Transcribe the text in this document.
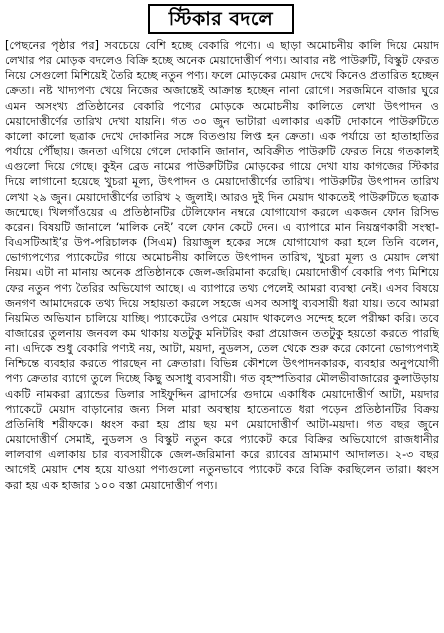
স্টিকার বদলে

[পেছনের পৃষ্ঠার পর] সবচেয়ে বেশি হচ্ছে বেকারি পণ্যে। এ ছাড়া অমোচনীয় কালি দিয়ে মেয়াদ লেখার পর মোড়ক বদলেও বিক্রি হচ্ছে অনেক মেয়াদোত্তীর্ণ পণ্য। আবার নষ্ট পাউরুটি, বিস্কুট ফেরত নিয়ে সেগুলো মিশিয়েই তৈরি হচ্ছে নতুন পণ্য। ফলে মোড়কের মেয়াদ দেখে কিনেও প্রতারিত হচ্ছেন ক্রেতা। নষ্ট খাদ্যপণ্য খেয়ে নিজের অজান্তেই আক্রান্ত হচ্ছেন নানা রোগে। সরজমিনে বাজার ঘুরে এমন অসংখ্য প্রতিষ্ঠানের বেকারি পণ্যের মোড়কে অমোচনীয় কালিতে লেখা উৎপাদন ও মেয়াদোত্তীর্ণের তারিখ দেখা যায়নি। গত ৩০ জুন ভাটারা এলাকার একটি দোকানে পাউরুটিতে কালো কালো ছত্রাক দেখে দোকানির সঙ্গে বিতণ্ডায় লিপ্ত হন ক্রেতা। এক পর্যায়ে তা হাতাহাতির পর্যায়ে পৌঁছায়। জনতা এগিয়ে গেলে দোকানি জানান, অবিক্রীত পাউরুটি ফেরত নিয়ে গতকালই এগুলো দিয়ে গেছে। কুইন ব্রেড নামের পাউরুটিটির মোড়কের গায়ে দেখা যায় কাগজের স্টিকার দিয়ে লাগানো হয়েছে খুচরা মূল্য, উৎপাদন ও মেয়াদোত্তীর্ণের তারিখ। পাউরুটির উৎপাদন তারিখ লেখা ২৯ জুন। মেয়াদোত্তীর্ণের তারিখ ২ জুলাই। আরও দুই দিন মেয়াদ থাকতেই পাউরুটিতে ছত্রাক জন্মেছে। খিলগাঁওয়ের এ প্রতিষ্ঠানটির টেলিফোন নম্বরে যোগাযোগ করলে একজন ফোন রিসিভ করেন। বিষয়টি জানালে ‘মালিক নেই’ বলে ফোন কেটে দেন। এ ব্যাপারে মান নিয়ন্ত্রণকারী সংস্থা- বিএসটিআই’র উপ-পরিচালক (সিএম) রিয়াজুল হকের সঙ্গে যোগাযোগ করা হলে তিনি বলেন, ভোগ্যপণ্যের প্যাকেটের গায়ে অমোচনীয় কালিতে উৎপাদন তারিখ, খুচরা মূল্য ও মেয়াদ লেখা নিয়ম। এটা না মানায় অনেক প্রতিষ্ঠানকে জেল-জরিমানা করেছি। মেয়াদোত্তীর্ণ বেকারি পণ্য মিশিয়ে ফের নতুন পণ্য তৈরির অভিযোগ আছে। এ ব্যাপারে তথ্য পেলেই আমরা ব্যবস্থা নেই। এসব বিষয়ে জনগণ আমাদেরকে তথ্য দিয়ে সহায়তা করলে সহজে এসব অসাধু ব্যবসায়ী ধরা যায়। তবে আমরা নিয়মিত অভিযান চালিয়ে যাচ্ছি। প্যাকেটের ওপরে মেয়াদ থাকলেও সন্দেহ হলে পরীক্ষা করি। তবে বাজারের তুলনায় জনবল কম থাকায় যতটুকু মনিটরিং করা প্রয়োজন ততটুকু হয়তো করতে পারছি না। এদিকে শুধু বেকারি পণ্যই নয়, আটা, ময়দা, নুডলস, তেল থেকে শুরু করে কোনো ভোগ্যপণ্যই নিশ্চিন্তে ব্যবহার করতে পারছেন না ক্রেতারা। বিভিন্ন কৌশলে উৎপাদনকারক, ব্যবহার অনুপযোগী পণ্য ক্রেতার ব্যাগে তুলে দিচ্ছে কিছু অসাধু ব্যবসায়ী। গত বৃহস্পতিবার মৌলভীবাজারের কুলাউড়ায় একটি নামকরা ব্র্যান্ডের ডিলার সাইফুদ্দিন ব্রাদার্সের গুদামে একাধিক মেয়াদোত্তীর্ণ আটা, ময়দার প্যাকেটে মেয়াদ বাড়ানোর জন্য সিল মারা অবস্থায় হাতেনাতে ধরা পড়েন প্রতিষ্ঠানটির বিক্রয় প্রতিনিধি শরীফকে। ধ্বংস করা হয় প্রায় ছয় মণ মেয়াদোত্তীর্ণ আটা-ময়দা। গত বছর জুনে মেয়াদোত্তীর্ণ সেমাই, নুডলস ও বিস্কুট নতুন করে প্যাকেট করে বিক্রির অভিযোগে রাজধানীর লালবাগ এলাকায় চার ব্যবসায়ীকে জেল-জরিমানা করে র‌্যাবের ভ্রাম্যমাণ আদালত। ২-৩ বছর আগেই মেয়াদ শেষ হয়ে যাওয়া পণ্যগুলো নতুনভাবে প্যাকেট করে বিক্রি করছিলেন তারা। ধ্বংস করা হয় এক হাজার ১০০ বস্তা মেয়াদোত্তীর্ণ পণ্য।
